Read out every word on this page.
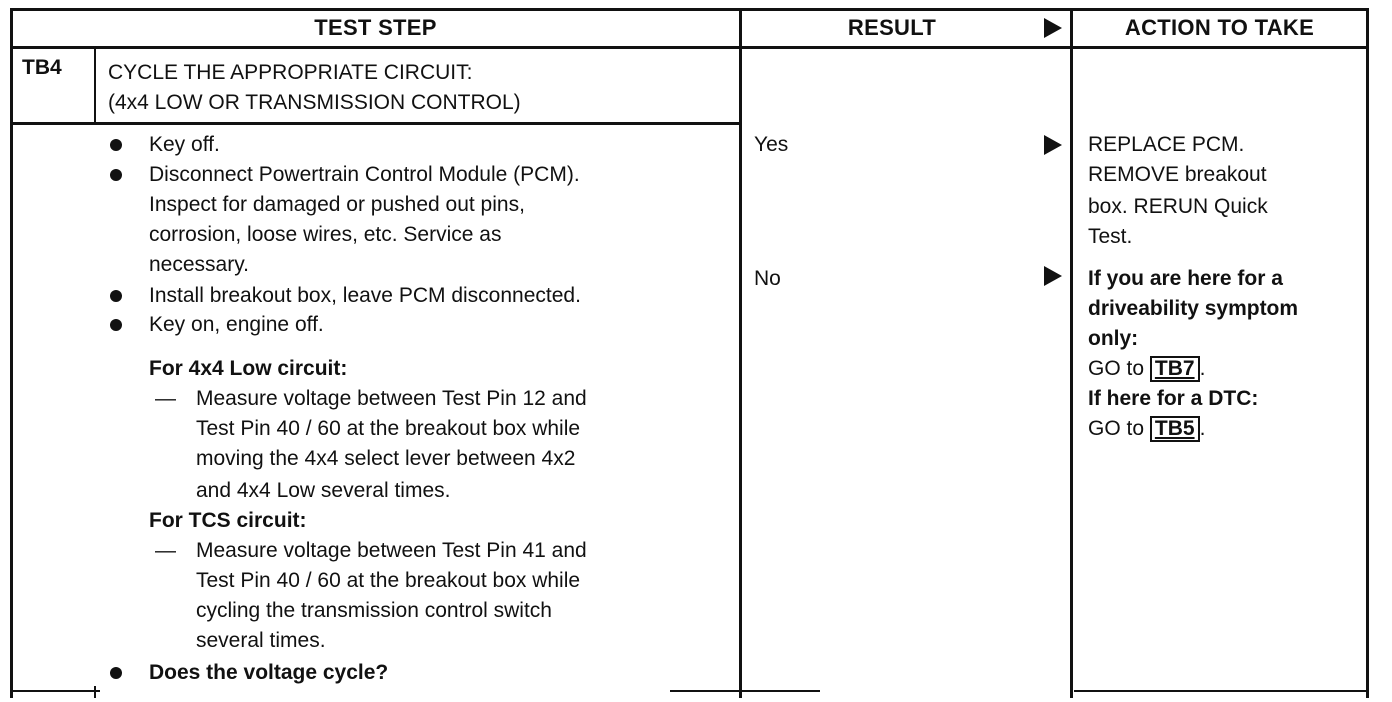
TEST STEP	RESULT	ACTION TO TAKE
TB4 CYCLE THE APPROPRIATE CIRCUIT:
(4x4 LOW OR TRANSMISSION CONTROL)
Key off.
Disconnect Powertrain Control Module (PCM).
Inspect for damaged or pushed out pins,
corrosion, loose wires, etc. Service as
necessary.
Install breakout box, leave PCM disconnected.
Key on, engine off.
For 4x4 Low circuit:
— Measure voltage between Test Pin 12 and
Test Pin 40 / 60 at the breakout box while
moving the 4x4 select lever between 4x2
and 4x4 Low several times.
For TCS circuit:
— Measure voltage between Test Pin 41 and
Test Pin 40 / 60 at the breakout box while
cycling the transmission control switch
several times.
Does the voltage cycle?
Yes
No
REPLACE PCM.
REMOVE breakout
box. RERUN Quick
Test.
If you are here for a
driveability symptom
only:
GO to TB7 .
If here for a DTC:
GO to TB5 .
